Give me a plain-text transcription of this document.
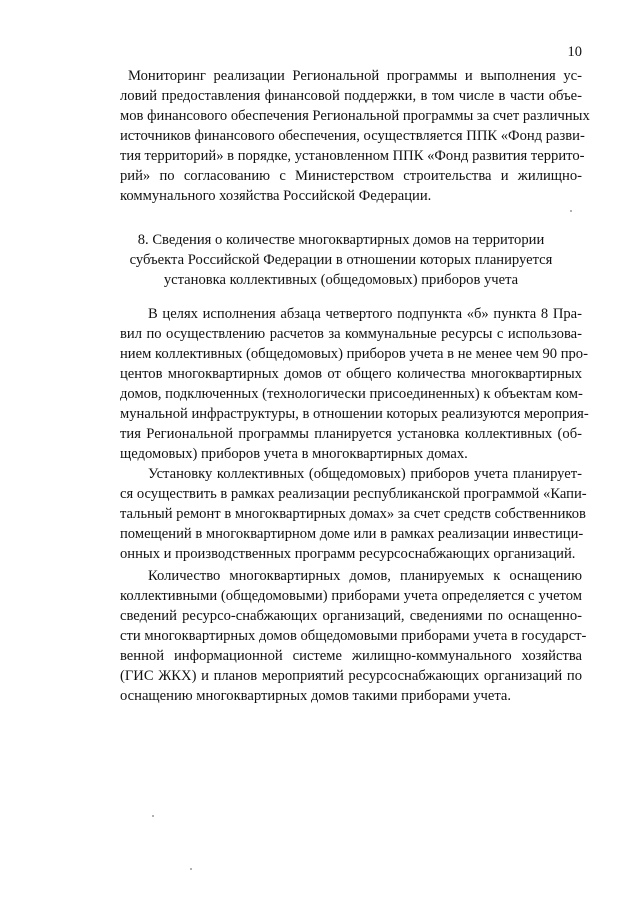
10
Мониторинг реализации Региональной программы и выполнения ус-
ловий предоставления финансовой поддержки, в том числе в части объе-
мов финансового обеспечения Региональной программы за счет различных
источников финансового обеспечения, осуществляется ППК «Фонд разви-
тия территорий» в порядке, установленном ППК «Фонд развития террито-
рий» по согласованию с Министерством строительства и жилищно-
коммунального хозяйства Российской Федерации.
8. Сведения о количестве многоквартирных домов на территории
субъекта Российской Федерации в отношении которых планируется
установка коллективных (общедомовых) приборов учета
В целях исполнения абзаца четвертого подпункта «б» пункта 8 Пра-
вил по осуществлению расчетов за коммунальные ресурсы с использова-
нием коллективных (общедомовых) приборов учета в не менее чем 90 про-
центов многоквартирных домов от общего количества многоквартирных
домов, подключенных (технологически присоединенных) к объектам ком-
мунальной инфраструктуры, в отношении которых реализуются мероприя-
тия Региональной программы планируется установка коллективных (об-
щедомовых) приборов учета в многоквартирных домах.
Установку коллективных (общедомовых) приборов учета планирует-
ся осуществить в рамках реализации республиканской программой «Капи-
тальный ремонт в многоквартирных домах» за счет средств собственников
помещений в многоквартирном доме или в рамках реализации инвестици-
онных и производственных программ ресурсоснабжающих организаций.
Количество многоквартирных домов, планируемых к оснащению
коллективными (общедомовыми) приборами учета определяется с учетом
сведений ресурсо-снабжающих организаций, сведениями по оснащенно-
сти многоквартирных домов общедомовыми приборами учета в государст-
венной информационной системе жилищно-коммунального хозяйства
(ГИС ЖКХ) и планов мероприятий ресурсоснабжающих организаций по
оснащению многоквартирных домов такими приборами учета.
